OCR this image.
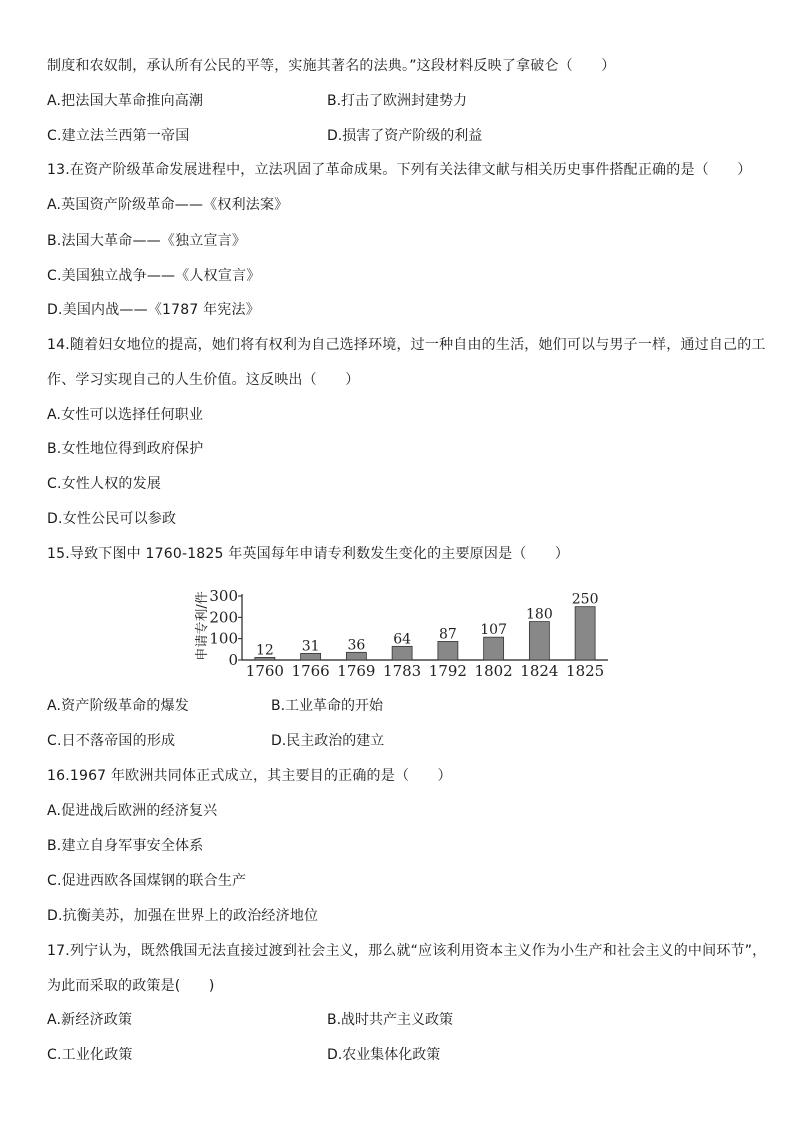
制度和农奴制，承认所有公民的平等，实施其著名的法典。”这段材料反映了拿破仑（　　）
A.把法国大革命推向高潮	B.打击了欧洲封建势力
C.建立法兰西第一帝国	D.损害了资产阶级的利益
13.在资产阶级革命发展进程中，立法巩固了革命成果。下列有关法律文献与相关历史事件搭配正确的是（　　）
A.英国资产阶级革命——《权利法案》
B.法国大革命——《独立宣言》
C.美国独立战争——《人权宣言》
D.美国内战——《1787 年宪法》
14.随着妇女地位的提高，她们将有权利为自己选择环境，过一种自由的生活，她们可以与男子一样，通过自己的工
作、学习实现自己的人生价值。这反映出（　　）
A.女性可以选择任何职业
B.女性地位得到政府保护
C.女性人权的发展
D.女性公民可以参政
15.导致下图中 1760-1825 年英国每年申请专利数发生变化的主要原因是（　　）
申请专利/件 0
100
200
300
12
1760
31
1766
36
1769
64
1783
87
1792
107
1802
180
1824
250
1825
A.资产阶级革命的爆发	B.工业革命的开始
C.日不落帝国的形成	D.民主政治的建立
16.1967 年欧洲共同体正式成立，其主要目的正确的是（　　）
A.促进战后欧洲的经济复兴
B.建立自身军事安全体系
C.促进西欧各国煤钢的联合生产
D.抗衡美苏，加强在世界上的政治经济地位
17.列宁认为，既然俄国无法直接过渡到社会主义，那么就“应该利用资本主义作为小生产和社会主义的中间环节”，
为此而采取的政策是(　　)
A.新经济政策	B.战时共产主义政策
C.工业化政策	D.农业集体化政策
